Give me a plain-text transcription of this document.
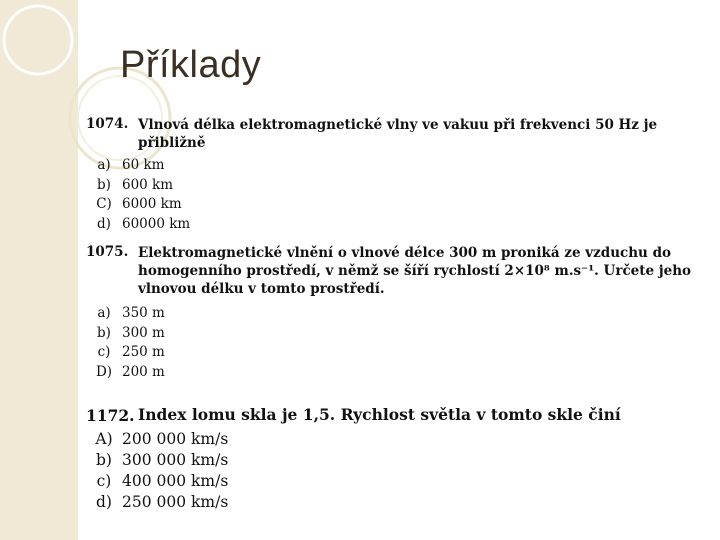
Příklady
1074. Vlnová délka elektromagnetické vlny ve vakuu při frekvenci 50 Hz je přibližně
a) 60 km
b) 600 km
C) 6000 km
d) 60000 km
1075. Elektromagnetické vlnění o vlnové délce 300 m proniká ze vzduchu do homogenního prostředí, v němž se šíří rychlostí 2×10⁸ m.s⁻¹. Určete jeho vlnovou délku v tomto prostředí.
a) 350 m
b) 300 m
c) 250 m
D) 200 m
1172. Index lomu skla je 1,5. Rychlost světla v tomto skle činí
A) 200 000 km/s
b) 300 000 km/s
c) 400 000 km/s
d) 250 000 km/s
